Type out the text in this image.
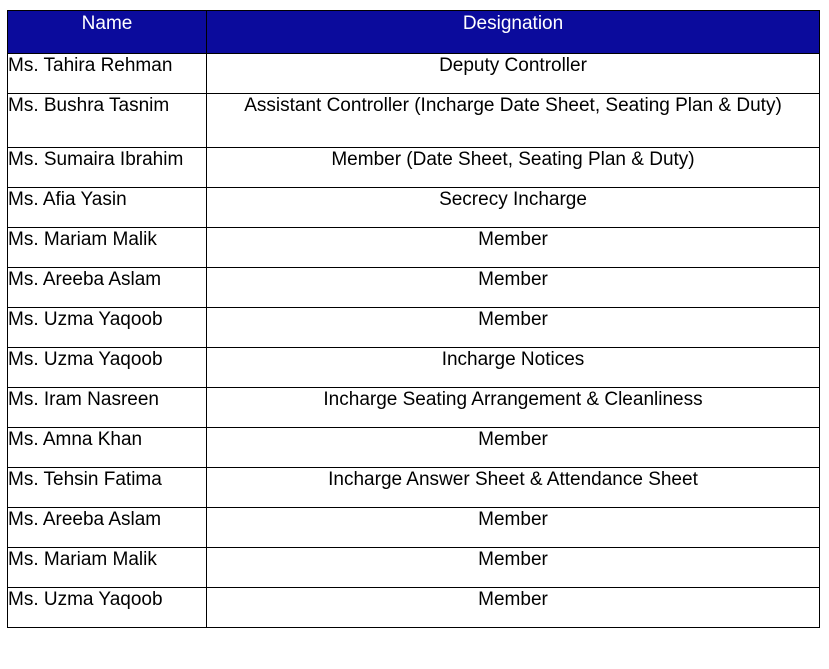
Name	Designation
Ms. Tahira Rehman	Deputy Controller
Ms. Bushra Tasnim	Assistant Controller (Incharge Date Sheet, Seating Plan & Duty)
Ms. Sumaira Ibrahim	Member (Date Sheet, Seating Plan & Duty)
Ms. Afia Yasin	Secrecy Incharge
Ms. Mariam Malik	Member
Ms. Areeba Aslam	Member
Ms. Uzma Yaqoob	Member
Ms. Uzma Yaqoob	Incharge Notices
Ms. Iram Nasreen	Incharge Seating Arrangement & Cleanliness
Ms. Amna Khan	Member
Ms. Tehsin Fatima	Incharge Answer Sheet & Attendance Sheet
Ms. Areeba Aslam	Member
Ms. Mariam Malik	Member
Ms. Uzma Yaqoob	Member
